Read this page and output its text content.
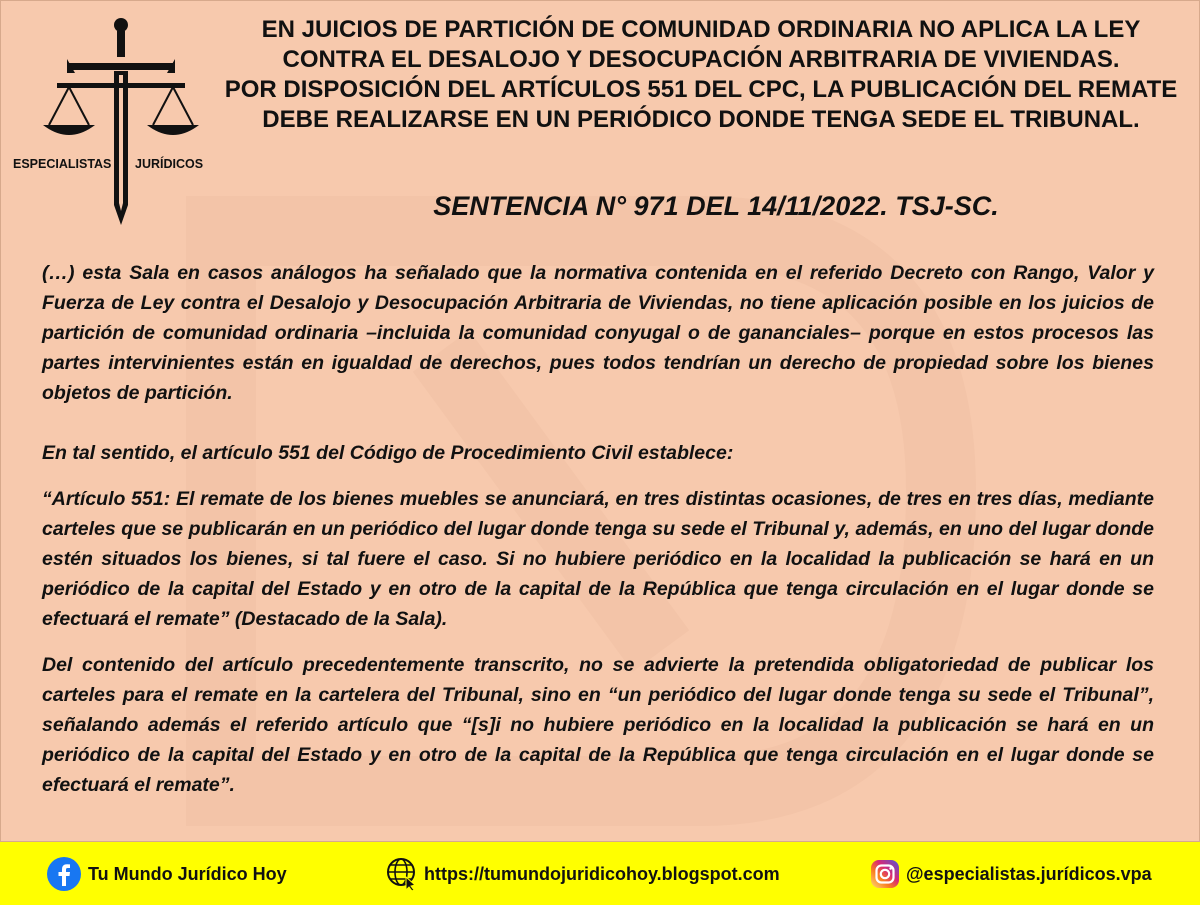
ESPECIALISTAS JURÍDICOS
EN JUICIOS DE PARTICIÓN DE COMUNIDAD ORDINARIA NO APLICA LA LEY
CONTRA EL DESALOJO Y DESOCUPACIÓN ARBITRARIA DE VIVIENDAS.
POR DISPOSICIÓN DEL ARTÍCULOS 551 DEL CPC, LA PUBLICACIÓN DEL REMATE
DEBE REALIZARSE EN UN PERIÓDICO DONDE TENGA SEDE EL TRIBUNAL.
SENTENCIA N° 971 DEL 14/11/2022. TSJ-SC.

(…) esta Sala en casos análogos ha señalado que la normativa contenida en el referido Decreto con Rango, Valor y Fuerza de Ley contra el Desalojo y Desocupación Arbitraria de Viviendas, no tiene aplicación posible en los juicios de partición de comunidad ordinaria –incluida la comunidad conyugal o de gananciales– porque en estos procesos las partes intervinientes están en igualdad de derechos, pues todos tendrían un derecho de propiedad sobre los bienes objetos de partición.

En tal sentido, el artículo 551 del Código de Procedimiento Civil establece:

“Artículo 551: El remate de los bienes muebles se anunciará, en tres distintas ocasiones, de tres en tres días, mediante carteles que se publicarán en un periódico del lugar donde tenga su sede el Tribunal y, además, en uno del lugar donde estén situados los bienes, si tal fuere el caso. Si no hubiere periódico en la localidad la publicación se hará en un periódico de la capital del Estado y en otro de la capital de la República que tenga circulación en el lugar donde se efectuará el remate” (Destacado de la Sala).

Del contenido del artículo precedentemente transcrito, no se advierte la pretendida obligatoriedad de publicar los carteles para el remate en la cartelera del Tribunal, sino en “un periódico del lugar donde tenga su sede el Tribunal”, señalando además el referido artículo que “[s]i no hubiere periódico en la localidad la publicación se hará en un periódico de la capital del Estado y en otro de la capital de la República que tenga circulación en el lugar donde se efectuará el remate”.

Tu Mundo Jurídico Hoy	https://tumundojuridicohoy.blogspot.com	@especialistas.jurídicos.vpa
